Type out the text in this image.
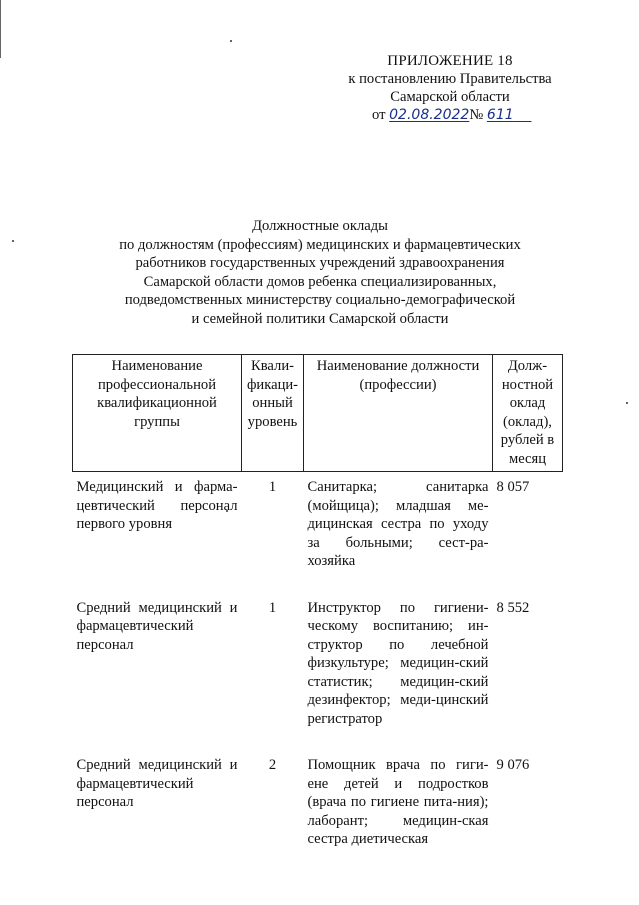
ПРИЛОЖЕНИЕ 18
к постановлению Правительства
Самарской области
от 02.08.2022№ 611
Должностные оклады
по должностям (профессиям) медицинских и фармацевтических
работников государственных учреждений здравоохранения
Самарской области домов ребенка специализированных,
подведомственных министерству социально-демографической
и семейной политики Самарской области
Наименование профессиональной квалификационной группы	Квали-фикаци-онный уровень	Наименование должности (профессии)	Долж-ностной оклад (оклад), рублей в месяц
Медицинский и фарма-цевтический персонал первого уровня	1	Санитарка; санитарка (мойщица); младшая ме-дицинская сестра по уходу за больными; сест-ра-хозяйка	8 057
Средний медицинский и фармацевтический персонал	1	Инструктор по гигиени-ческому воспитанию; ин-структор по лечебной физкультуре; медицин-ский статистик; медицин-ский дезинфектор; меди-цинский регистратор	8 552
Средний медицинский и фармацевтический персонал	2	Помощник врача по гиги-ене детей и подростков (врача по гигиене пита-ния); лаборант; медицин-ская сестра диетическая	9 076
